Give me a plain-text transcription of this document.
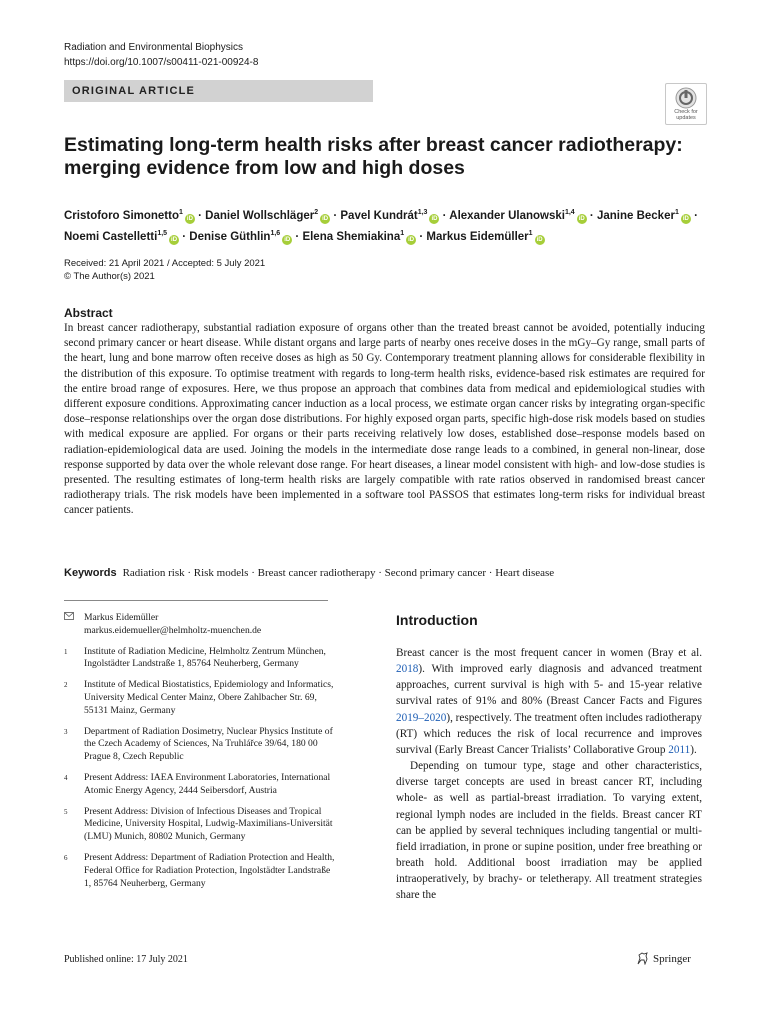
Radiation and Environmental Biophysics
https://doi.org/10.1007/s00411-021-00924-8
ORIGINAL ARTICLE
Check for
updates
Estimating long-term health risks after breast cancer radiotherapy: merging evidence from low and high doses
Cristoforo Simonetto$^1$iD · Daniel Wollschläger$^2$iD · Pavel Kundrát$^{1,3}$iD · Alexander Ulanowski$^{1,4}$iD · Janine Becker$^1$iD ·
Noemi Castelletti$^{1,5}$iD · Denise Güthlin$^{1,6}$iD · Elena Shemiakina$^1$iD · Markus Eidemüller$^1$iD
Received: 21 April 2021 / Accepted: 5 July 2021
© The Author(s) 2021
Abstract

In breast cancer radiotherapy, substantial radiation exposure of organs other than the treated breast cannot be avoided, potentially inducing second primary cancer or heart disease. While distant organs and large parts of nearby ones receive doses in the mGy–Gy range, small parts of the heart, lung and bone marrow often receive doses as high as 50 Gy. Contemporary treatment planning allows for considerable flexibility in the distribution of this exposure. To optimise treatment with regards to long-term health risks, evidence-based risk estimates are required for the entire broad range of exposures. Here, we thus propose an approach that combines data from medical and epidemiological studies with different exposure conditions. Approximating cancer induction as a local process, we estimate organ cancer risks by integrating organ-specific dose–response relationships over the organ dose distributions. For highly exposed organ parts, specific high-dose risk models based on studies with medical exposure are applied. For organs or their parts receiving relatively low doses, established dose–response models based on radiation-epidemiological data are used. Joining the models in the intermediate dose range leads to a combined, in general non-linear, dose response supported by data over the whole relevant dose range. For heart diseases, a linear model consistent with high- and low-dose studies is presented. The resulting estimates of long-term health risks are largely compatible with rate ratios observed in randomised breast cancer radiotherapy trials. The risk models have been implemented in a software tool PASSOS that estimates long-term risks for individual breast cancer patients.

Keywords Radiation risk · Risk models · Breast cancer radiotherapy · Second primary cancer · Heart disease
Markus Eidemüller
markus.eidemueller@helmholtz-muenchen.de
1	Institute of Radiation Medicine, Helmholtz Zentrum München, Ingolstädter Landstraße 1, 85764 Neuherberg, Germany
2	Institute of Medical Biostatistics, Epidemiology and Informatics, University Medical Center Mainz, Obere Zahlbacher Str. 69, 55131 Mainz, Germany
3	Department of Radiation Dosimetry, Nuclear Physics Institute of the Czech Academy of Sciences, Na Truhlářce 39/64, 180 00 Prague 8, Czech Republic
4	Present Address: IAEA Environment Laboratories, International Atomic Energy Agency, 2444 Seibersdorf, Austria
5	Present Address: Division of Infectious Diseases and Tropical Medicine, University Hospital, Ludwig-Maximilians-Universität (LMU) Munich, 80802 Munich, Germany
6	Present Address: Department of Radiation Protection and Health, Federal Office for Radiation Protection, Ingolstädter Landstraße 1, 85764 Neuherberg, Germany
Published online: 17 July 2021	Springer
Introduction

Breast cancer is the most frequent cancer in women (Bray et al. 2018). With improved early diagnosis and advanced treatment approaches, current survival is high with 5- and 15-year relative survival rates of 91% and 80% (Breast Cancer Facts and Figures 2019–2020), respectively. The treatment often includes radiotherapy (RT) which reduces the risk of local recurrence and improves survival (Early Breast Cancer Trialists’ Collaborative Group 2011).

Depending on tumour type, stage and other characteristics, diverse target concepts are used in breast cancer RT, including whole- as well as partial-breast irradiation. To varying extent, regional lymph nodes are included in the fields. Breast cancer RT can be applied by several techniques including tangential or multi-field irradiation, in prone or supine position, under free breathing or breath hold. Additional boost irradiation may be applied intraoperatively, by brachy- or teletherapy. All treatment strategies share the
